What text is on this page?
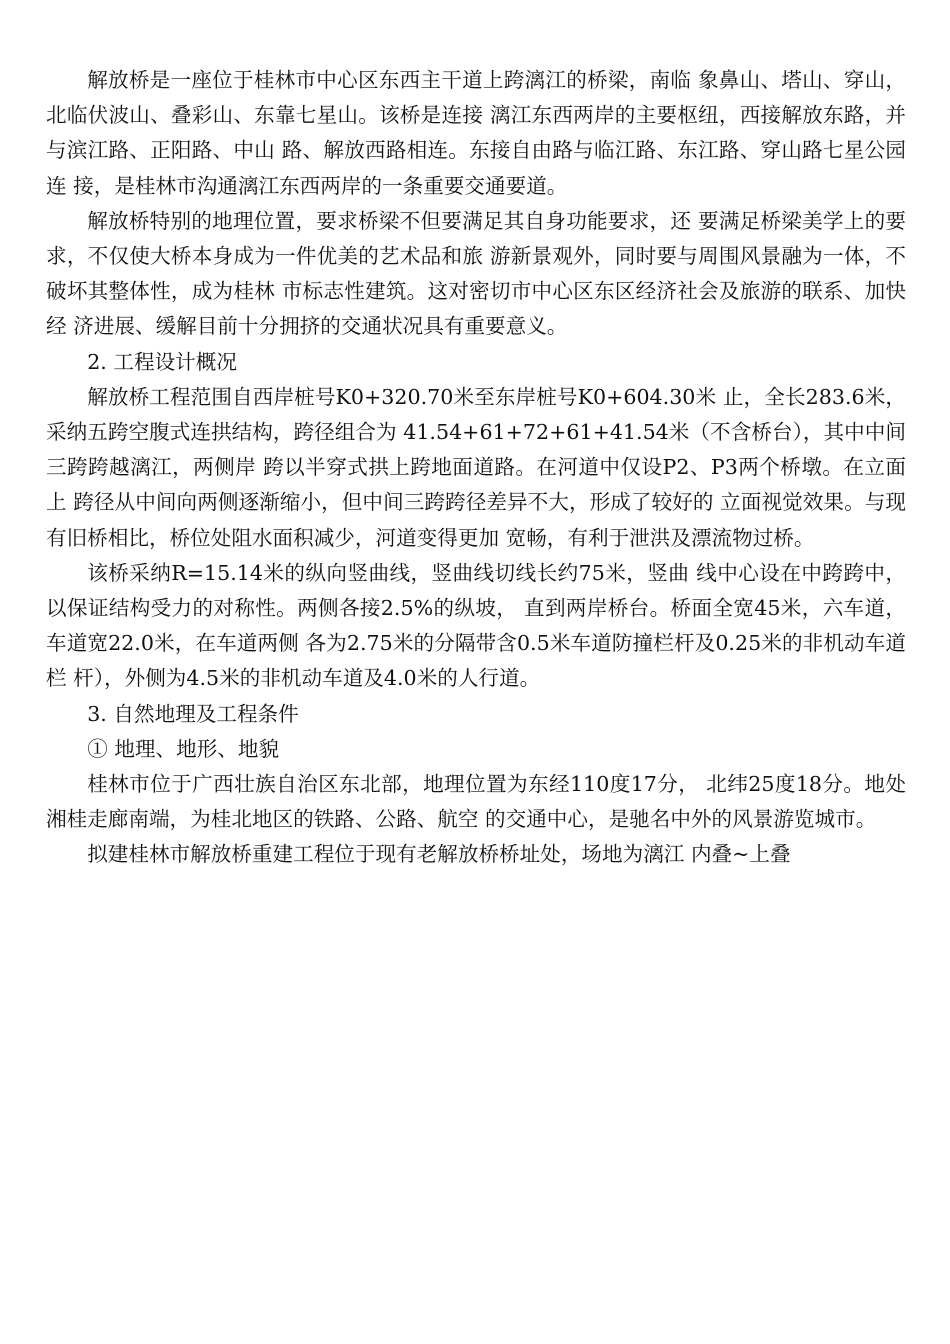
解放桥是一座位于桂林市中心区东西主干道上跨漓江的桥梁，南临 象鼻山、塔山、穿山，北临伏波山、叠彩山、东靠七星山。该桥是连接 漓江东西两岸的主要枢纽，西接解放东路，并与滨江路、正阳路、中山 路、解放西路相连。东接自由路与临江路、东江路、穿山路七星公园连 接，是桂林市沟通漓江东西两岸的一条重要交通要道。

解放桥特别的地理位置，要求桥梁不但要满足其自身功能要求，还 要满足桥梁美学上的要求，不仅使大桥本身成为一件优美的艺术品和旅 游新景观外，同时要与周围风景融为一体，不破坏其整体性，成为桂林 市标志性建筑。这对密切市中心区东区经济社会及旅游的联系、加快经 济进展、缓解目前十分拥挤的交通状况具有重要意义。

2. 工程设计概况

解放桥工程范围自西岸桩号K0+320.70米至东岸桩号K0+604.30米 止，全长283.6米，采纳五跨空腹式连拱结构，跨径组合为 41.54+61+72+61+41.54米（不含桥台），其中中间三跨跨越漓江，两侧岸 跨以半穿式拱上跨地面道路。在河道中仅设P2、P3两个桥墩。在立面上 跨径从中间向两侧逐渐缩小，但中间三跨跨径差异不大，形成了较好的 立面视觉效果。与现有旧桥相比，桥位处阻水面积减少，河道变得更加 宽畅，有利于泄洪及漂流物过桥。

该桥采纳R=15.14米的纵向竖曲线，竖曲线切线长约75米，竖曲 线中心设在中跨跨中，以保证结构受力的对称性。两侧各接2.5%的纵坡， 直到两岸桥台。桥面全宽45米，六车道，车道宽22.0米，在车道两侧 各为2.75米的分隔带含0.5米车道防撞栏杆及0.25米的非机动车道栏 杆），外侧为4.5米的非机动车道及4.0米的人行道。

3. 自然地理及工程条件

① 地理、地形、地貌

桂林市位于广西壮族自治区东北部，地理位置为东经110度17分， 北纬25度18分。地处湘桂走廊南端，为桂北地区的铁路、公路、航空 的交通中心，是驰名中外的风景游览城市。

拟建桂林市解放桥重建工程位于现有老解放桥桥址处，场地为漓江 内叠~上叠
